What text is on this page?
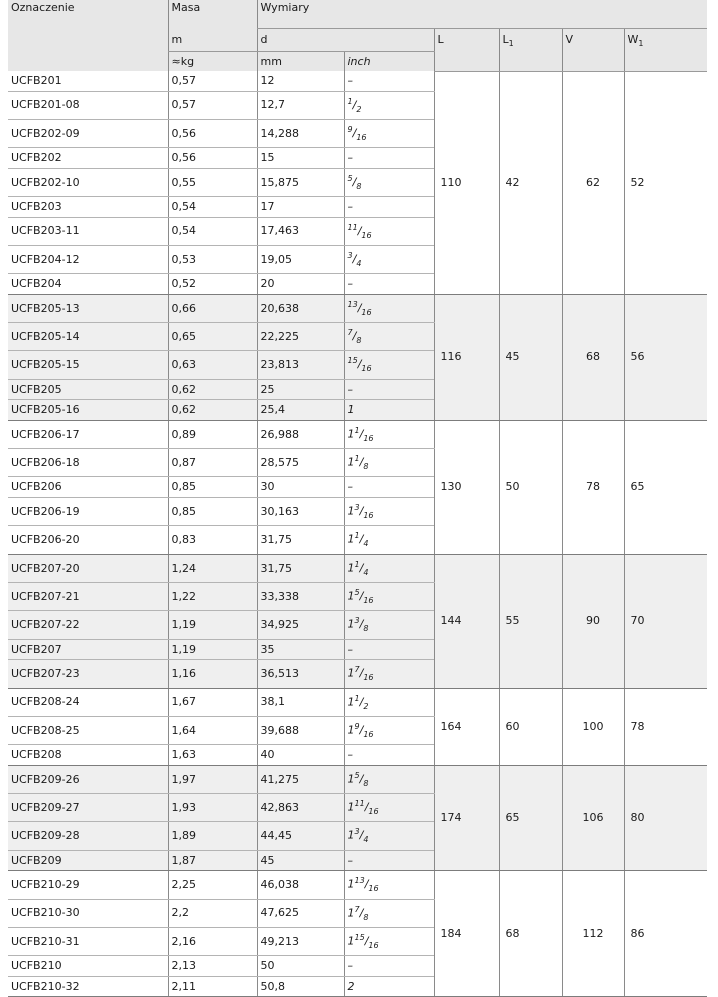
Oznaczenie	Masa	Wymiary					
	m	d		L	$L_1$	V	$W_1$
	≈kg	mm	inch				
UCFB201	0,57	12	–	110	42	62	52
UCFB201-08	0,57	12,7	$^1/_2$
UCFB202-09	0,56	14,288	$^9/_{16}$
UCFB202	0,56	15	–				
UCFB202-10	0,55	15,875	$^5/_8$
UCFB203	0,54	17	–				
UCFB203-11	0,54	17,463	$^{11}/_{16}$
UCFB204-12	0,53	19,05	$^3/_4$
UCFB204	0,52	20	–				
UCFB205-13	0,66	20,638	$^{13}/_{16}$	116	45	68	56
UCFB205-14	0,65	22,225	$^7/_8$
UCFB205-15	0,63	23,813	$^{15}/_{16}$
UCFB205	0,62	25	–				
UCFB205-16	0,62	25,4	1				
UCFB206-17	0,89	26,988	$1^1/_{16}$	130	50	78	65
UCFB206-18	0,87	28,575	$1^1/_8$
UCFB206	0,85	30	–				
UCFB206-19	0,85	30,163	$1^3/_{16}$
UCFB206-20	0,83	31,75	$1^1/_4$
UCFB207-20	1,24	31,75	$1^1/_4$	144	55	90	70
UCFB207-21	1,22	33,338	$1^5/_{16}$
UCFB207-22	1,19	34,925	$1^3/_8$
UCFB207	1,19	35	–				
UCFB207-23	1,16	36,513	$1^7/_{16}$
UCFB208-24	1,67	38,1	$1^1/_2$	164	60	100	78
UCFB208-25	1,64	39,688	$1^9/_{16}$
UCFB208	1,63	40	–				
UCFB209-26	1,97	41,275	$1^5/_8$	174	65	106	80
UCFB209-27	1,93	42,863	$1^{11}/_{16}$
UCFB209-28	1,89	44,45	$1^3/_4$
UCFB209	1,87	45	–				
UCFB210-29	2,25	46,038	$1^{13}/_{16}$	184	68	112	86
UCFB210-30	2,2	47,625	$1^7/_8$
UCFB210-31	2,16	49,213	$1^{15}/_{16}$
UCFB210	2,13	50	–				
UCFB210-32	2,11	50,8	2				
